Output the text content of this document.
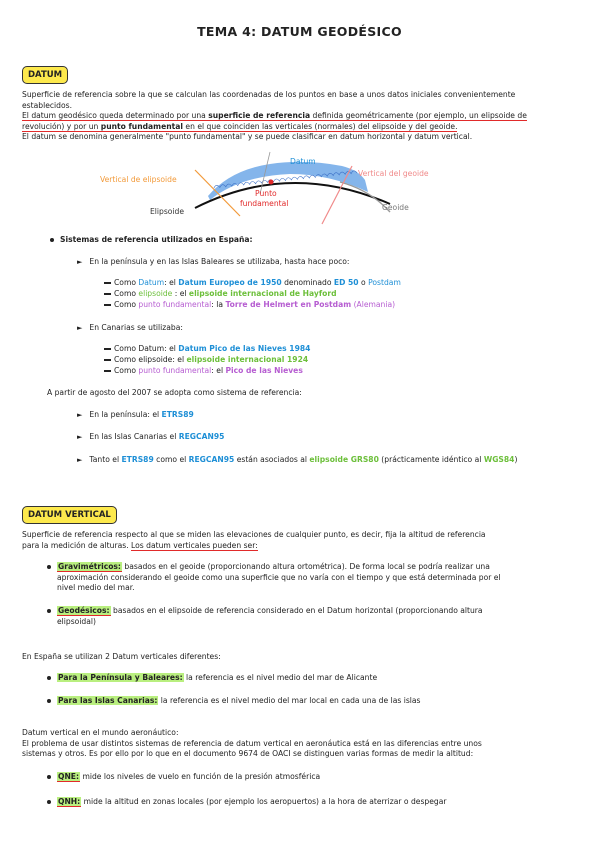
TEMA 4: DATUM GEODÉSICO
DATUM
Superficie de referencia sobre la que se calculan las coordenadas de los puntos en base a unos datos iniciales convenientemente
establecidos.
El datum geodésico queda determinado por una superficie de referencia definida geométricamente (por ejemplo, un elipsoide de
revolución) y por un punto fundamental en el que coinciden las verticales (normales) del elipsoide y del geoide.
El datum se denomina generalmente "punto fundamental" y se puede clasificar en datum horizontal y datum vertical.
Vertical de elipsoide
Datum
Vertical del geoide
Punto
fundamental
Elipsoide	Geoide
Sistemas de referencia utilizados en España:
► En la península y en las Islas Baleares se utilizaba, hasta hace poco:
Como Datum: el Datum Europeo de 1950 denominado ED 50 o Postdam
Como elipsoide : el elipsoide internacional de Hayford
Como punto fundamental: la Torre de Helmert en Postdam (Alemania)
► En Canarias se utilizaba:
Como Datum: el Datum Pico de las Nieves 1984
Como elipsoide: el elipsoide internacional 1924
Como punto fundamental: el Pico de las Nieves
A partir de agosto del 2007 se adopta como sistema de referencia:
► En la península: el ETRS89
► En las Islas Canarias el REGCAN95
► Tanto el ETRS89 como el REGCAN95 están asociados al elipsoide GRS80 (prácticamente idéntico al WGS84)
DATUM VERTICAL
Superficie de referencia respecto al que se miden las elevaciones de cualquier punto, es decir, fija la altitud de referencia
para la medición de alturas. Los datum verticales pueden ser:
Gravimétricos: basados en el geoide (proporcionando altura ortométrica). De forma local se podría realizar una
aproximación considerando el geoide como una superficie que no varía con el tiempo y que está determinada por el
nivel medio del mar.
Geodésicos: basados en el elipsoide de referencia considerado en el Datum horizontal (proporcionando altura
elipsoidal)
En España se utilizan 2 Datum verticales diferentes:
Para la Península y Baleares: la referencia es el nivel medio del mar de Alicante
Para las Islas Canarias: la referencia es el nivel medio del mar local en cada una de las islas
Datum vertical en el mundo aeronáutico:
El problema de usar distintos sistemas de referencia de datum vertical en aeronáutica está en las diferencias entre unos
sistemas y otros. Es por ello por lo que en el documento 9674 de OACI se distinguen varias formas de medir la altitud:
QNE: mide los niveles de vuelo en función de la presión atmosférica
QNH: mide la altitud en zonas locales (por ejemplo los aeropuertos) a la hora de aterrizar o despegar
